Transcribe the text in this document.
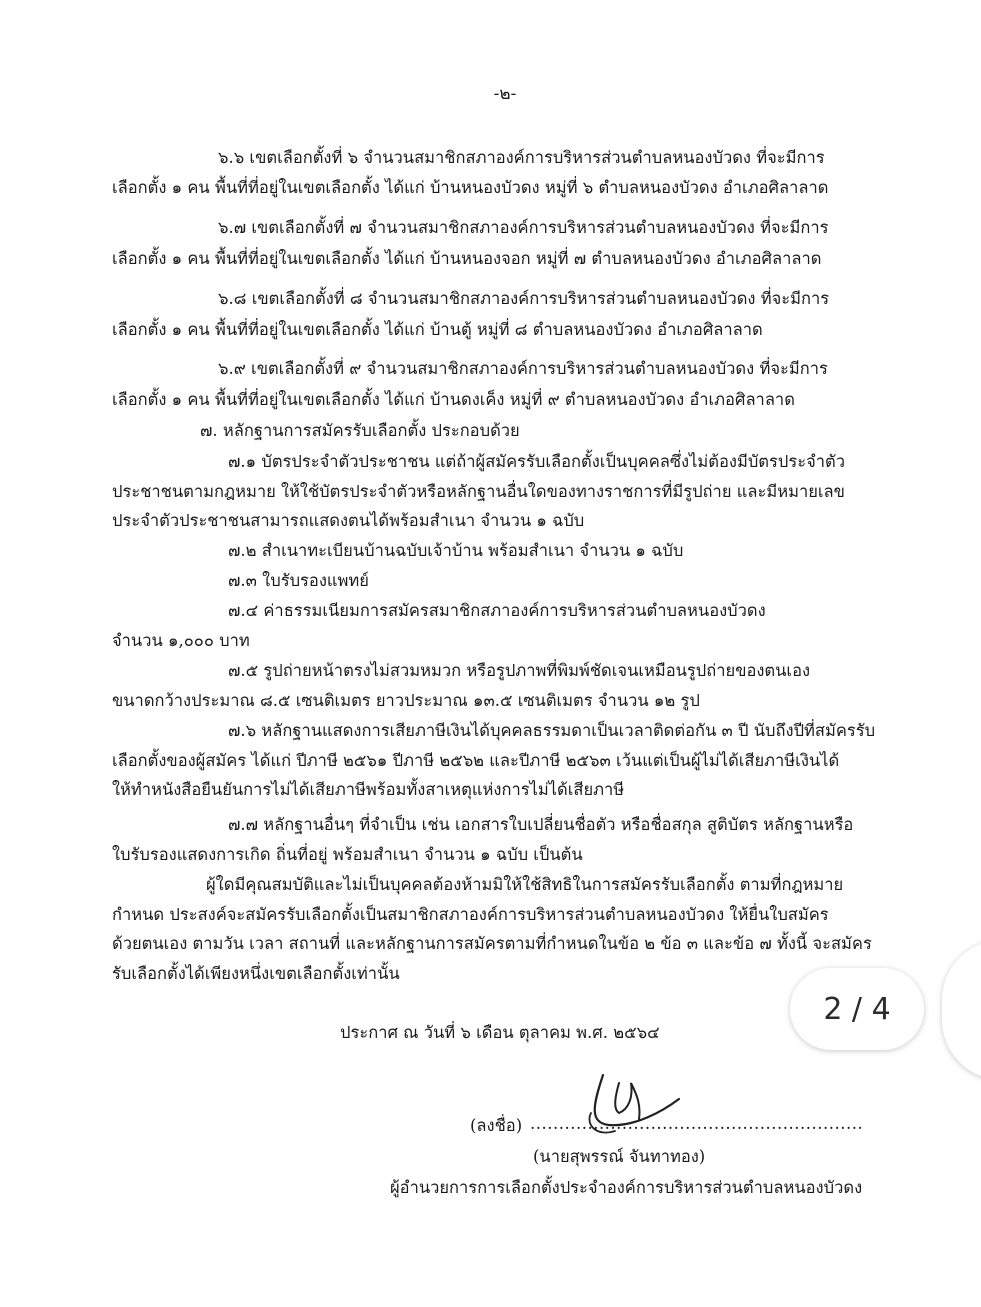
-๒-
๖.๖ เขตเลือกตั้งที่ ๖ จำนวนสมาชิกสภาองค์การบริหารส่วนตำบลหนองบัวดง ที่จะมีการ
เลือกตั้ง ๑ คน พื้นที่ที่อยู่ในเขตเลือกตั้ง ได้แก่ บ้านหนองบัวดง หมู่ที่ ๖ ตำบลหนองบัวดง อำเภอศิลาลาด
๖.๗ เขตเลือกตั้งที่ ๗ จำนวนสมาชิกสภาองค์การบริหารส่วนตำบลหนองบัวดง ที่จะมีการ
เลือกตั้ง ๑ คน พื้นที่ที่อยู่ในเขตเลือกตั้ง ได้แก่ บ้านหนองจอก หมู่ที่ ๗ ตำบลหนองบัวดง อำเภอศิลาลาด
๖.๘ เขตเลือกตั้งที่ ๘ จำนวนสมาชิกสภาองค์การบริหารส่วนตำบลหนองบัวดง ที่จะมีการ
เลือกตั้ง ๑ คน พื้นที่ที่อยู่ในเขตเลือกตั้ง ได้แก่ บ้านตู้ หมู่ที่ ๘ ตำบลหนองบัวดง อำเภอศิลาลาด
๖.๙ เขตเลือกตั้งที่ ๙ จำนวนสมาชิกสภาองค์การบริหารส่วนตำบลหนองบัวดง ที่จะมีการ
เลือกตั้ง ๑ คน พื้นที่ที่อยู่ในเขตเลือกตั้ง ได้แก่ บ้านดงเค็ง หมู่ที่ ๙ ตำบลหนองบัวดง อำเภอศิลาลาด
๗. หลักฐานการสมัครรับเลือกตั้ง ประกอบด้วย
๗.๑ บัตรประจำตัวประชาชน แต่ถ้าผู้สมัครรับเลือกตั้งเป็นบุคคลซึ่งไม่ต้องมีบัตรประจำตัว
ประชาชนตามกฎหมาย ให้ใช้บัตรประจำตัวหรือหลักฐานอื่นใดของทางราชการที่มีรูปถ่าย และมีหมายเลข
ประจำตัวประชาชนสามารถแสดงตนได้พร้อมสำเนา จำนวน ๑ ฉบับ
๗.๒ สำเนาทะเบียนบ้านฉบับเจ้าบ้าน พร้อมสำเนา จำนวน ๑ ฉบับ
๗.๓ ใบรับรองแพทย์
๗.๔ ค่าธรรมเนียมการสมัครสมาชิกสภาองค์การบริหารส่วนตำบลหนองบัวดง
จำนวน ๑,๐๐๐ บาท
๗.๕ รูปถ่ายหน้าตรงไม่สวมหมวก หรือรูปภาพที่พิมพ์ชัดเจนเหมือนรูปถ่ายของตนเอง
ขนาดกว้างประมาณ ๘.๕ เซนติเมตร ยาวประมาณ ๑๓.๕ เซนติเมตร จำนวน ๑๒ รูป
๗.๖ หลักฐานแสดงการเสียภาษีเงินได้บุคคลธรรมดาเป็นเวลาติดต่อกัน ๓ ปี นับถึงปีที่สมัครรับ
เลือกตั้งของผู้สมัคร ได้แก่ ปีภาษี ๒๕๖๑ ปีภาษี ๒๕๖๒ และปีภาษี ๒๕๖๓ เว้นแต่เป็นผู้ไม่ได้เสียภาษีเงินได้
ให้ทำหนังสือยืนยันการไม่ได้เสียภาษีพร้อมทั้งสาเหตุแห่งการไม่ได้เสียภาษี
๗.๗ หลักฐานอื่นๆ ที่จำเป็น เช่น เอกสารใบเปลี่ยนชื่อตัว หรือชื่อสกุล สูติบัตร หลักฐานหรือ
ใบรับรองแสดงการเกิด ถิ่นที่อยู่ พร้อมสำเนา จำนวน ๑ ฉบับ เป็นต้น
ผู้ใดมีคุณสมบัติและไม่เป็นบุคคลต้องห้ามมิให้ใช้สิทธิในการสมัครรับเลือกตั้ง ตามที่กฎหมาย
กำหนด ประสงค์จะสมัครรับเลือกตั้งเป็นสมาชิกสภาองค์การบริหารส่วนตำบลหนองบัวดง ให้ยื่นใบสมัคร
ด้วยตนเอง ตามวัน เวลา สถานที่ และหลักฐานการสมัครตามที่กำหนดในข้อ ๒ ข้อ ๓ และข้อ ๗ ทั้งนี้ จะสมัคร
รับเลือกตั้งได้เพียงหนึ่งเขตเลือกตั้งเท่านั้น
ประกาศ ณ วันที่ ๖ เดือน ตุลาคม พ.ศ. ๒๕๖๔
(ลงชื่อ) ..........................................................
(นายสุพรรณ์ จันทาทอง)
ผู้อำนวยการการเลือกตั้งประจำองค์การบริหารส่วนตำบลหนองบัวดง
2 / 4
